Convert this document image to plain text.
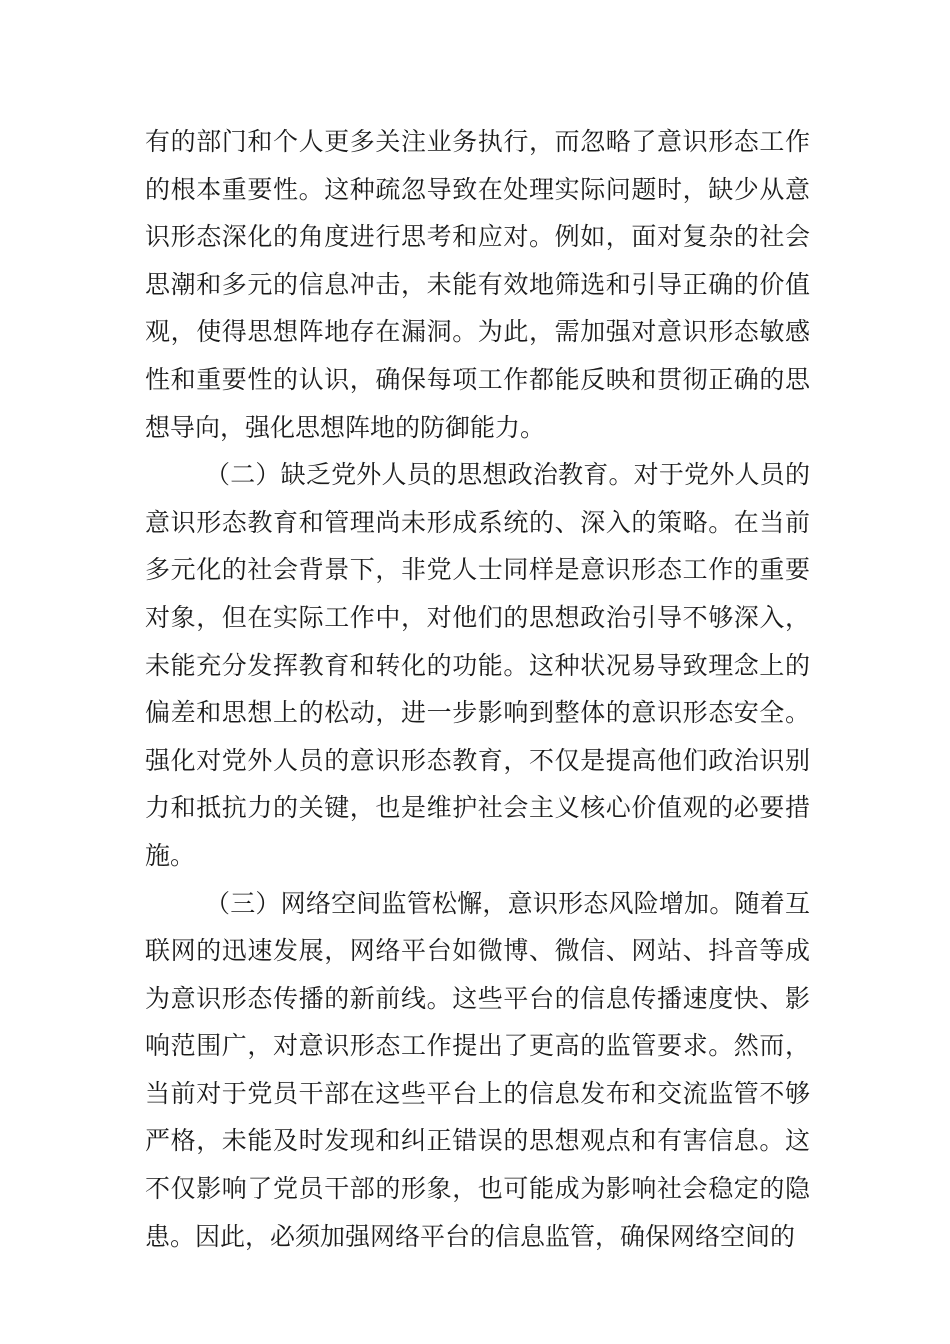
有的部门和个人更多关注业务执行，而忽略了意识形态工作的根本重要性。这种疏忽导致在处理实际问题时，缺少从意识形态深化的角度进行思考和应对。例如，面对复杂的社会思潮和多元的信息冲击，未能有效地筛选和引导正确的价值观，使得思想阵地存在漏洞。为此，需加强对意识形态敏感性和重要性的认识，确保每项工作都能反映和贯彻正确的思想导向，强化思想阵地的防御能力。

（二）缺乏党外人员的思想政治教育。对于党外人员的意识形态教育和管理尚未形成系统的、深入的策略。在当前多元化的社会背景下，非党人士同样是意识形态工作的重要对象，但在实际工作中，对他们的思想政治引导不够深入，未能充分发挥教育和转化的功能。这种状况易导致理念上的偏差和思想上的松动，进一步影响到整体的意识形态安全。强化对党外人员的意识形态教育，不仅是提高他们政治识别力和抵抗力的关键，也是维护社会主义核心价值观的必要措施。

（三）网络空间监管松懈，意识形态风险增加。随着互联网的迅速发展，网络平台如微博、微信、网站、抖音等成为意识形态传播的新前线。这些平台的信息传播速度快、影响范围广，对意识形态工作提出了更高的监管要求。然而，当前对于党员干部在这些平台上的信息发布和交流监管不够严格，未能及时发现和纠正错误的思想观点和有害信息。这不仅影响了党员干部的形象，也可能成为影响社会稳定的隐患。因此，必须加强网络平台的信息监管，确保网络空间的
